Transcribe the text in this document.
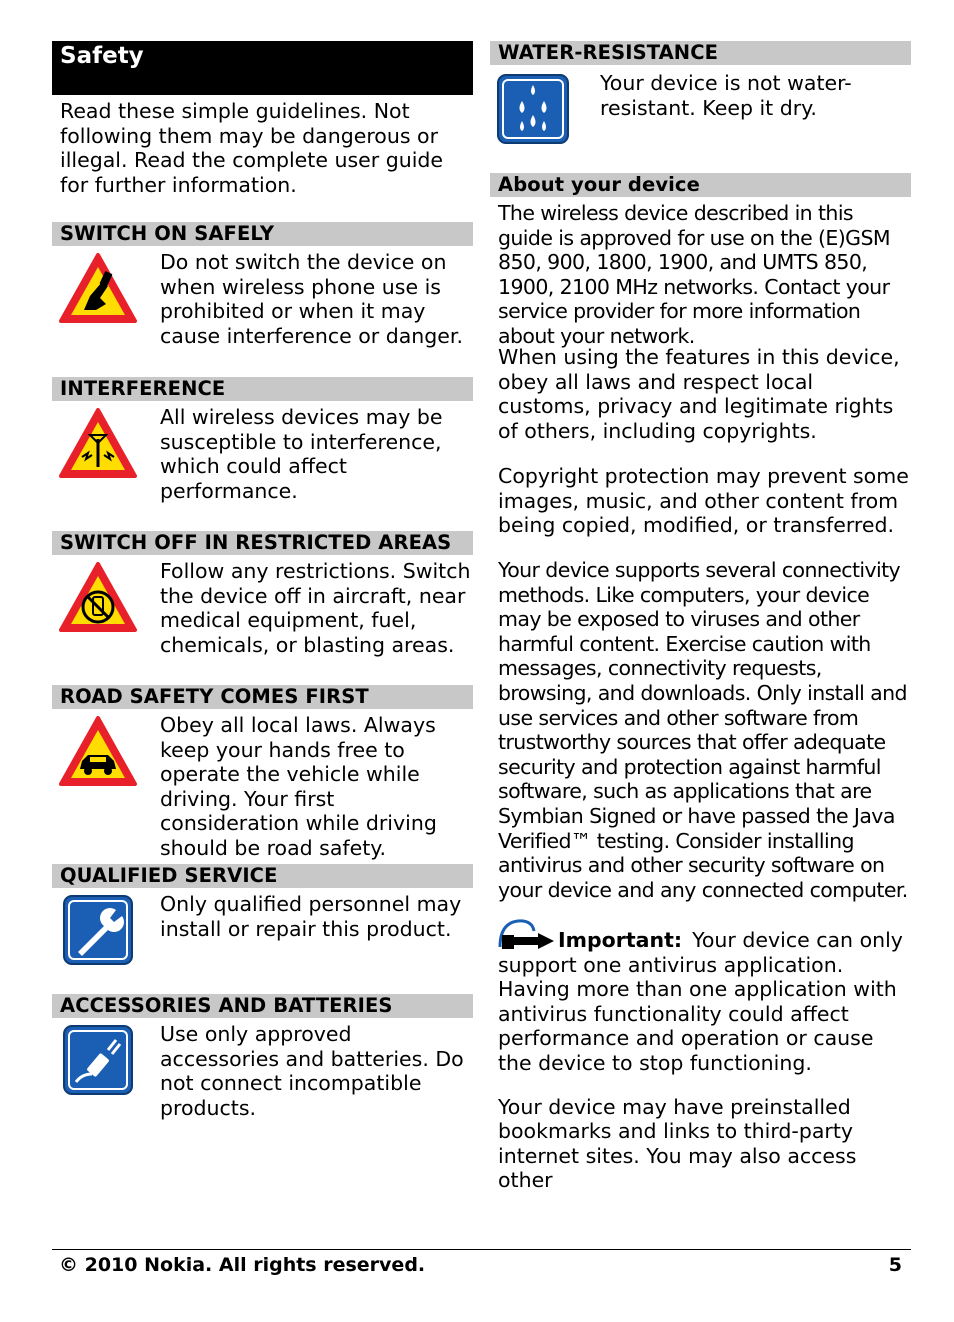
Safety

Read these simple guidelines. Not following them may be dangerous or illegal. Read the complete user guide for further information.

SWITCH ON SAFELY
Do not switch the device on when wireless phone use is prohibited or when it may cause interference or danger.
INTERFERENCE
All wireless devices may be susceptible to interference, which could affect performance.
SWITCH OFF IN RESTRICTED AREAS
Follow any restrictions. Switch the device off in aircraft, near medical equipment, fuel, chemicals, or blasting areas.
ROAD SAFETY COMES FIRST
Obey all local laws. Always keep your hands free to operate the vehicle while driving. Your first consideration while driving should be road safety.
QUALIFIED SERVICE
Only qualified personnel may install or repair this product.
ACCESSORIES AND BATTERIES
Use only approved accessories and batteries. Do not connect incompatible products.
WATER-RESISTANCE
Your device is not water-resistant. Keep it dry.
About your device

The wireless device described in this guide is approved for use on the (E)GSM 850, 900, 1800, 1900, and UMTS 850, 1900, 2100 MHz networks. Contact your service provider for more information about your network.

When using the features in this device, obey all laws and respect local customs, privacy and legitimate rights of others, including copyrights.

Copyright protection may prevent some images, music, and other content from being copied, modified, or transferred.

Your device supports several connectivity methods. Like computers, your device may be exposed to viruses and other harmful content. Exercise caution with messages, connectivity requests, browsing, and downloads. Only install and use services and other software from trustworthy sources that offer adequate security and protection against harmful software, such as applications that are Symbian Signed or have passed the Java Verified™ testing. Consider installing antivirus and other security software on your device and any connected computer.

Important: Your device can only support one antivirus application. Having more than one application with antivirus functionality could affect performance and operation or cause the device to stop functioning.

Your device may have preinstalled bookmarks and links to third-party internet sites. You may also access other

© 2010 Nokia. All rights reserved.	5
